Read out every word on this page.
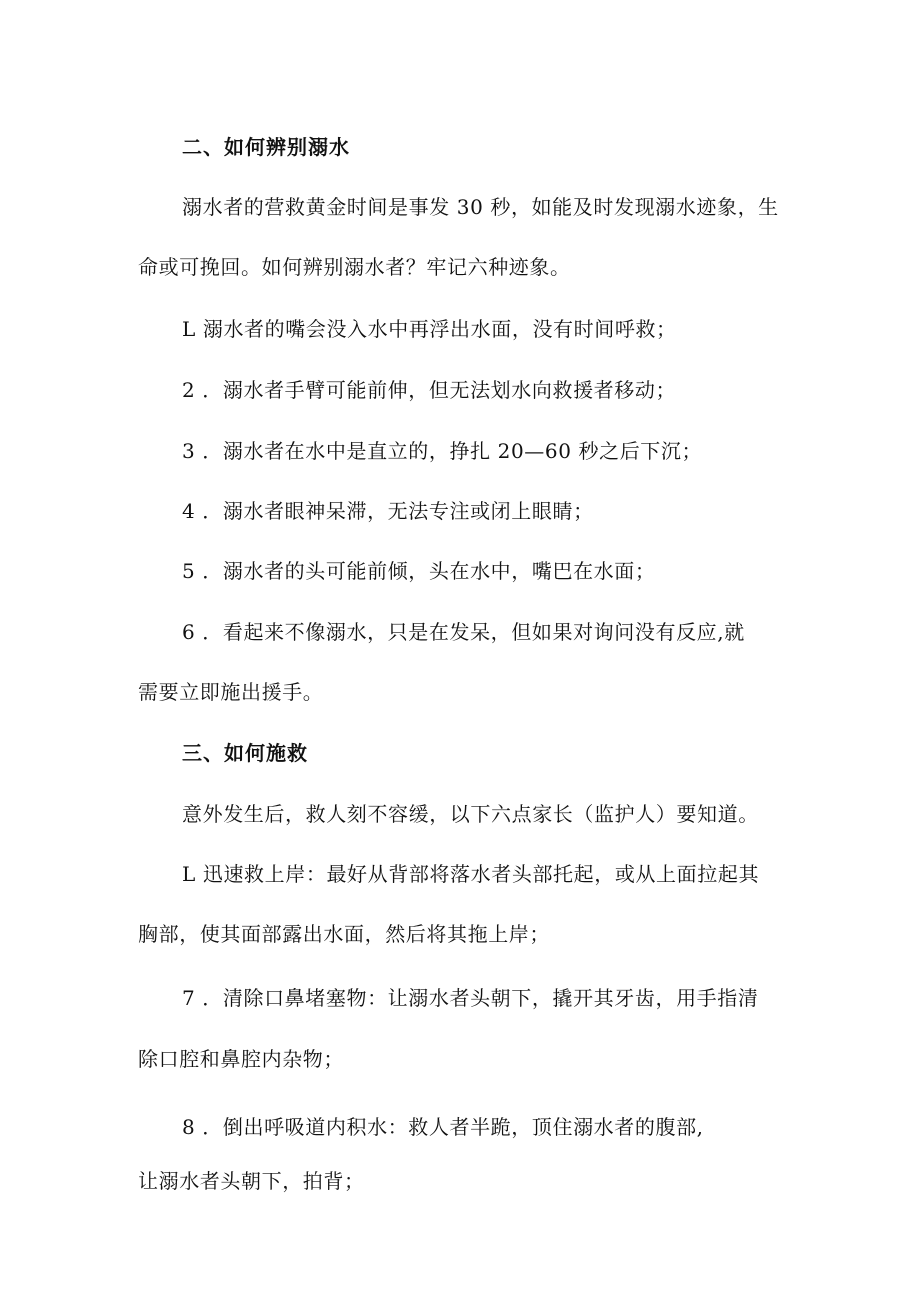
二、如何辨别溺水
溺水者的营救黄金时间是事发 30 秒，如能及时发现溺水迹象，生
命或可挽回。如何辨别溺水者？牢记六种迹象。
L 溺水者的嘴会没入水中再浮出水面，没有时间呼救；
2 ．溺水者手臂可能前伸，但无法划水向救援者移动；
3 ．溺水者在水中是直立的，挣扎 20—60 秒之后下沉；
4 ．溺水者眼神呆滞，无法专注或闭上眼睛；
5 ．溺水者的头可能前倾，头在水中，嘴巴在水面；
6 ．看起来不像溺水，只是在发呆，但如果对询问没有反应,就
需要立即施出援手。
三、如何施救
意外发生后，救人刻不容缓，以下六点家长（监护人）要知道。
L 迅速救上岸：最好从背部将落水者头部托起，或从上面拉起其
胸部，使其面部露出水面，然后将其拖上岸；
7 ．清除口鼻堵塞物：让溺水者头朝下，撬开其牙齿，用手指清
除口腔和鼻腔内杂物；
8 ．倒出呼吸道内积水：救人者半跪，顶住溺水者的腹部,
让溺水者头朝下，拍背；
